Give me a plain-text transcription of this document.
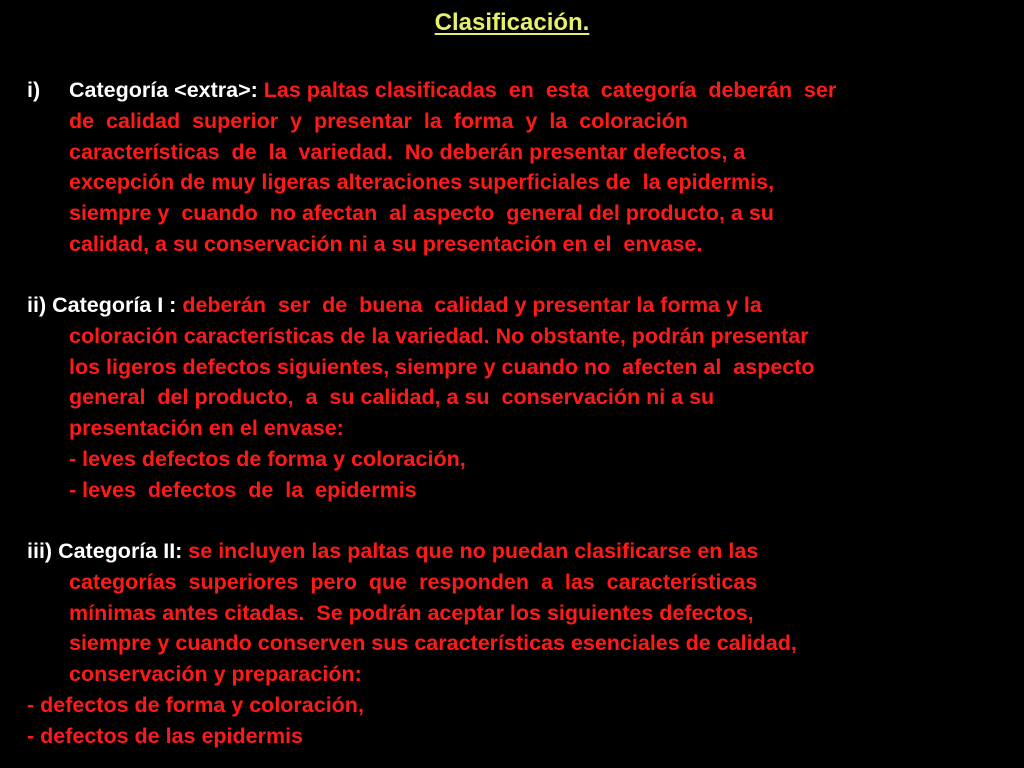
Clasificación.
i) Categoría <extra>: Las paltas clasificadas  en  esta  categoría  deberán  ser
de  calidad  superior  y  presentar  la  forma  y  la  coloración
características  de  la  variedad.  No deberán presentar defectos, a
excepción de muy ligeras alteraciones superficiales de  la epidermis,
siempre y  cuando  no afectan  al aspecto  general del producto, a su
calidad, a su conservación ni a su presentación en el  envase.
ii) Categoría I : deberán  ser  de  buena  calidad y presentar la forma y la
coloración características de la variedad. No obstante, podrán presentar
los ligeros defectos siguientes, siempre y cuando no  afecten al  aspecto
general  del producto,  a  su calidad, a su  conservación ni a su
presentación en el envase:
- leves defectos de forma y coloración,
- leves  defectos  de  la  epidermis
iii) Categoría II: se incluyen las paltas que no puedan clasificarse en las
categorías  superiores  pero  que  responden  a  las  características
mínimas antes citadas.  Se podrán aceptar los siguientes defectos,
siempre y cuando conserven sus características esenciales de calidad,
conservación y preparación:
- defectos de forma y coloración,
- defectos de las epidermis
